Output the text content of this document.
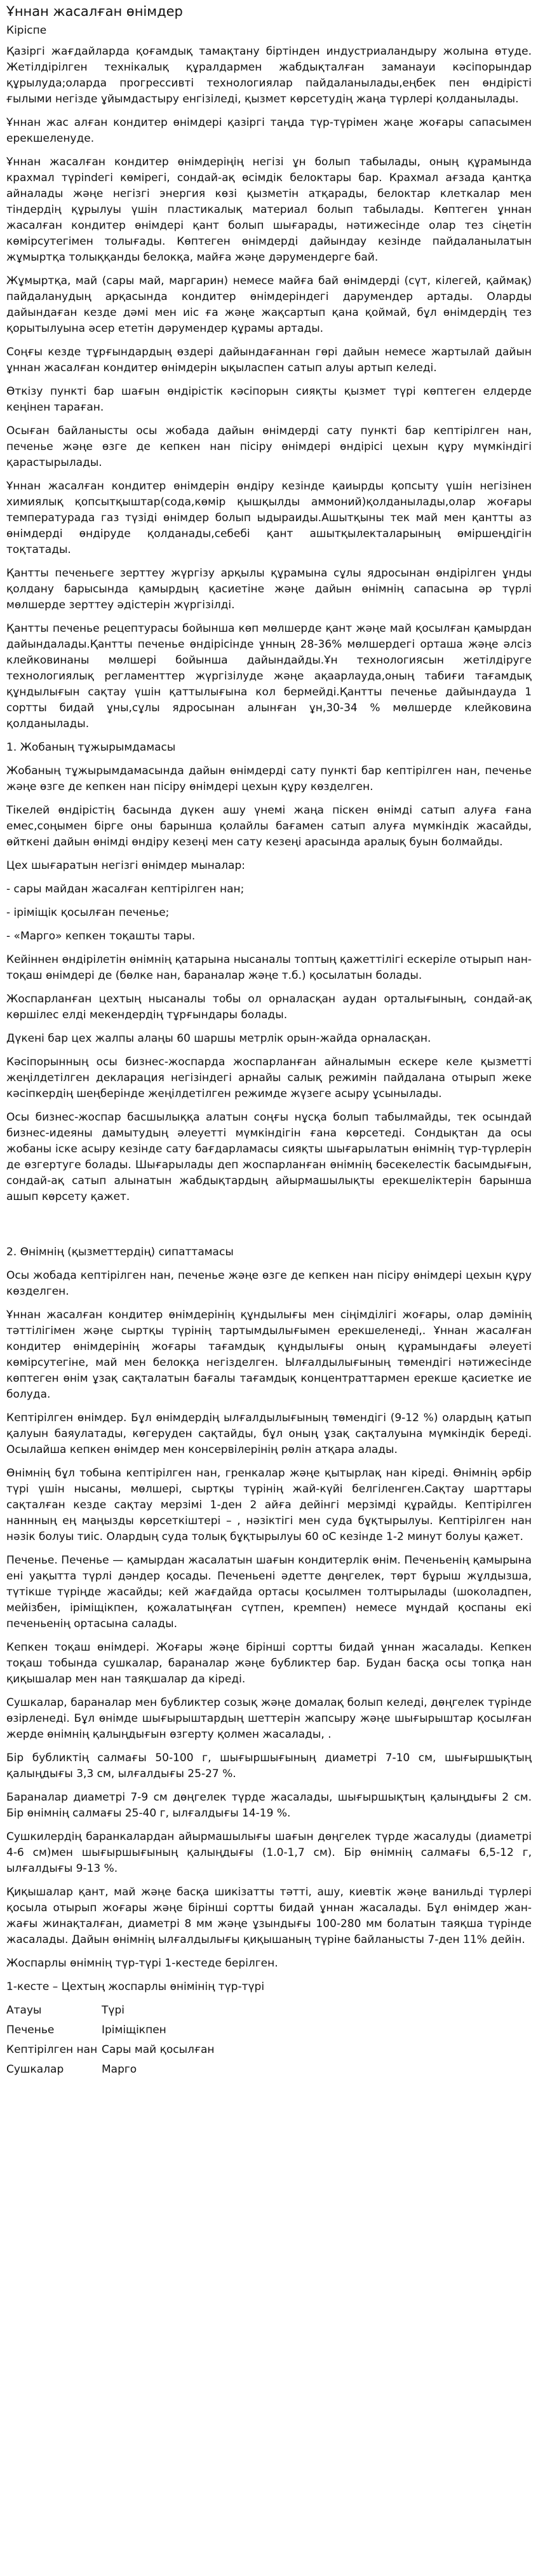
Ұннан жасалған өнімдер
Кіріспе

Қазіргі жағдайларда қоғамдық тамақтану біртінден индустриаландыру жолына өтуде. Жетілдірілген технікалық құралдармен жабдықталған заманауи кәсіпорындар құрылуда;оларда прогрессивті технологиялар пайдаланылады,еңбек пен өндірісті ғылыми негізде ұйымдастыру енгізіледі, қызмет көрсетудің жаңа түрлері қолданылады.

Ұннан жас алған кондитер өнімдері қазіргі таңда түр-түрімен жаңе жоғары сапасымен ерекшеленуде.

Ұннан жасалған кондитер өнімдеріңің негізі ұн болып табылады, оның құрамында крахмал түрindeгі көмірегі, сондай-ақ өсімдік белоктары бар. Крахмал ағзада қантқа айналады жәңе негізгі энергия көзі қызметін атқарады, белоктар клеткалар мен тіндердің құрылуы үшін пластикалық материал болып табылады. Көптеген ұннан жасалған кондитер өнімдері қант болып шығарады, нәтижесінде олар тез сіңетін көмірсутегімен толығады. Көптеген өнімдерді дайындау кезінде пайдаланылатын жұмыртқа толыққанды белокқа, майға жәңе дәрумендерге бай.

Жұмыртқа, май (сары май, маргарин) немесе майға бай өнімдерді (сүт, кілегей, қаймақ) пайдаланудың арқасында кондитер өнімдерiндегі дарумендер артады. Оларды дайындаған кезде дәмі мен иіс ға жәңе жақсартып қана қоймай, бұл өнімдердің тез қорытылуына әсер ететін дәрумендер құрамы артады.

Соңғы кезде тұрғындардың өздері дайындағаннан гөрі дайын немесе жартылай дайын ұннан жасалған кондитер өнімдерін ықыласпен сатып алуы артып келеді.

Өткізу пункті бар шағын өндірістік кәсіпорын сияқты қызмет түрі көптеген елдерде кеңінен тараған.

Осыған байланысты осы жобада дайын өнімдерді сату пункті бар кептірілген нан, печенье жәңе өзге де кепкен нан пісіру өнімдері өндірісі цехын құру мүмкіндігі қарастырылады.

Ұннан жасалған кондитер өнімдерін өндіру кезінде қаиырды қопсыту үшін негізінен химиялық қопсытқыштар(сода,көмір қышқылды аммоний)қолданылады,олар жоғары температурада газ түзіді өнімдер болып ыдыраиды.Ашытқыны тек май мен қантты аз өнімдерді өндіруде қолданады,себебі қант ашытқылекталарының өміршеңдігін тоқтатады.

Қантты печеньеге зерттеу жүргізу арқылы құрамына сұлы ядросынан өндірілген ұнды қолдану барысында қамырдың қасиетіне жәңе дайын өнімнің сапасына әр түрлі мөлшерде зерттеу әдістерін жүргізілді.

Қантты печенье рецептурасы бойынша көп мөлшерде қант жәңе май қосылған қамырдан дайындалады.Қантты печенье өндірісінде ұнның 28-36% мөлшердегі орташа жәңе әлсіз клейковинаны мөлшері бойынша дайындайды.Ұн технологиясын жетілдіруге технологиялық регламенттер жүргізілуде жәңе ақаарлауда,оның табиғи тағамдық құндылығын сақтау үшін қаттылығына кол бермейді.Қантты печенье дайындауда 1 сортты бидай ұны,сұлы ядросынан алынған ұн,30-34 % мөлшерде клейковина қолданылады.

1. Жобаның тұжырымдамасы

Жобаның тұжырымдамасында дайын өнімдерді сату пункті бар кептірілген нан, печенье жәңе өзге де кепкен нан пісіру өнімдері цехын құру көзделген.

Тікелей өндірістің басында дүкен ашу үнемі жаңа піскен өнімді сатып алуға ғана емес,соңымен бірге оны барынша қолайлы бағамен сатып алуға мүмкіндік жасайды, өйткені дайын өнімді өндіру кезеңі мен сату кезеңі арасында аралық буын болмайды.

Цех шығаратын негізгі өнімдер мыналар:

- сары майдан жасалған кептірілген нан;

- іріміщік қосылған печенье;

- «Марго» кепкен тоқашты тары.

Кейіннен өндірілетін өнімнің қатарына нысаналы топтың қажеттілігі ескеріле отырып нан-тоқаш өнімдері де (бөлке нан, бараналар жәңе т.б.) қосылатын болады.

Жоспарланған цехтың нысаналы тобы ол орналасқан аудан орталығының, сондай-ақ көршілес елді мекендердің тұрғындары болады.

Дүкені бар цех жалпы алаңы 60 шаршы метрлік орын-жайда орналасқан.

Кәсіпорынның осы бизнес-жоспарда жоспарланған айналымын ескере келе қызметті жеңілдетілген декларация негізіндегі арнайы салық режимін пайдалана отырып жеке кәсіпкердің шеңберінде жеңілдетілген режимде жүзеге асыру ұсынылады.

Осы бизнес-жоспар басшылыққа алатын соңғы нұсқа болып табылмайды, тек осындай бизнес-идеяны дамытудың әлеуетті мүмкіндігін ғана көрсетеді. Сондықтан да осы жобаны іске асыру кезінде сату бағдарламасы сияқты шығарылатын өнімнің түр-түрлерін де өзгертуге болады. Шығарылады деп жоспарланған өнімнің бәсекелестік басымдығын, сондай-ақ сатып алынатын жабдықтардың айырмашылықты ерекшеліктерін барынша ашып көрсету қажет.

2. Өнімнің (қызметтердің) сипаттамасы

Осы жобада кептірілген нан, печенье жәңе өзге де кепкен нан пісіру өнімдері цехын құру көзделген.

Ұннан жасалған кондитер өнімдерінің құндылығы мен сіңімділігі жоғары, олар дәмінің тәттілігімен жәңе сыртқы түрінің тартымдылығымен ерекшеленеді,. Ұннан жасалған кондитер өнімдерінің жоғары тағамдық құндылығы оның құрамындағы әлеуеті көмірсутегіне, май мен белокқа негізделген. Ылғалдылығының төмендігі нәтижесінде көптеген өнім ұзақ сақталатын бағалы тағамдық концентраттармен ерекше қасиетке ие болуда.

Кептірілген өнімдер. Бұл өнімдердің ылғалдылығының төмендігі (9-12 %) олардың қатып қалуын баяулатады, көгеруден сақтайды, бұл оның ұзақ сақталуына мүмкіндік береді. Осылайша кепкен өнімдер мен консервілерінің рөлін атқара алады.

Өнімнің бұл тобына кептірілген нан, гренкалар жәңе қытырлақ нан кіреді. Өнімнің әрбір түрі үшін нысаны, мөлшері, сыртқы түрінің жай-күйі белгіленген.Сақтау шарттары сақталған кезде сақтау мерзімі 1-ден 2 айға дейінгі мерзімді құрайды. Кептірілген наннның ең маңызды көрсеткіштері – , нәзіктігі мен суда бұқтырылуы. Кептірілген нан нәзік болуы тиіс. Олардың суда толық бұқтырылуы 60 оС кезінде 1-2 минут болуы қажет.

Печенье. Печенье — қамырдан жасалатын шағын кондитерлік өнім. Печеньенің қамырына ені уақытта түрлі дәндер қосады. Печеньені әдетте дөңгелек, төрт бұрыш жұлдызша, түтікше түріңде жасайды; кей жағдайда ортасы қосылмен толтырылады (шоколадпен, мейізбен, іріміщікпен, қожалатыңған сүтпен, кремпен) немесе мұндай қоспаны екі печеньенің ортасына салады.

Кепкен тоқаш өнімдері. Жоғары жәңе бірінші сортты бидай ұннан жасалады. Кепкен тоқаш тобында сушкалар, бараналар жәңе бубликтер бар. Будан басқа осы топқа нан қиқышалар мен нан таяқшалар да кіреді.

Сушкалар, бараналар мен бубликтер созық жәңе домалақ болып келеді, дөңгелек түрінде өзірленеді. Бұл өнімде шығырыштардың шеттерін жапсыру жәңе шығырыштар қосылған жерде өнімнің қалыңдығын өзгерту қолмен жасалады, .

Бір бубликтің салмағы 50-100 г, шығыршығының диаметрі 7-10 см, шығыршықтың қалыңдығы 3,3 см, ылғалдығы 25-27 %.

Бараналар диаметрі 7-9 см дөңгелек түрде жасалады, шығыршықтың қалыңдығы 2 см. Бір өнімнің салмағы 25-40 г, ылғалдығы 14-19 %.

Сушкилердің баранкалардан айырмашылығы шағын дөңгелек түрде жасалуды (диаметрі 4-6 см)мен шығыршығының қалыңдығы (1.0-1,7 см). Бір өнімнің салмағы 6,5-12 г, ылғалдығы 9-13 %.

Қиқышалар қант, май жәңе басқа шикізатты тәтті, ашу, киевтік жәңе ванильді түрлері қосыла отырып жоғары жәңе бірінші сортты бидай ұннан жасалады. Бұл өнімдер жан-жағы жинақталған, диаметрі 8 мм жәңе ұзындығы 100-280 мм болатын таяқша түрінде жасалады. Дайын өнімнің ылғалдылығы қиқышаның түріне байланысты 7-ден 11% дейін.

Жоспарлы өнімнің түр-түрі 1-кестеде берілген.

1-кесте – Цехтың жоспарлы өнімінің түр-түрі

Атауы	Түрі
Печенье	Іріміщікпен
Кептірілген нан	Сары май қосылған
Сушкалар	Марго
